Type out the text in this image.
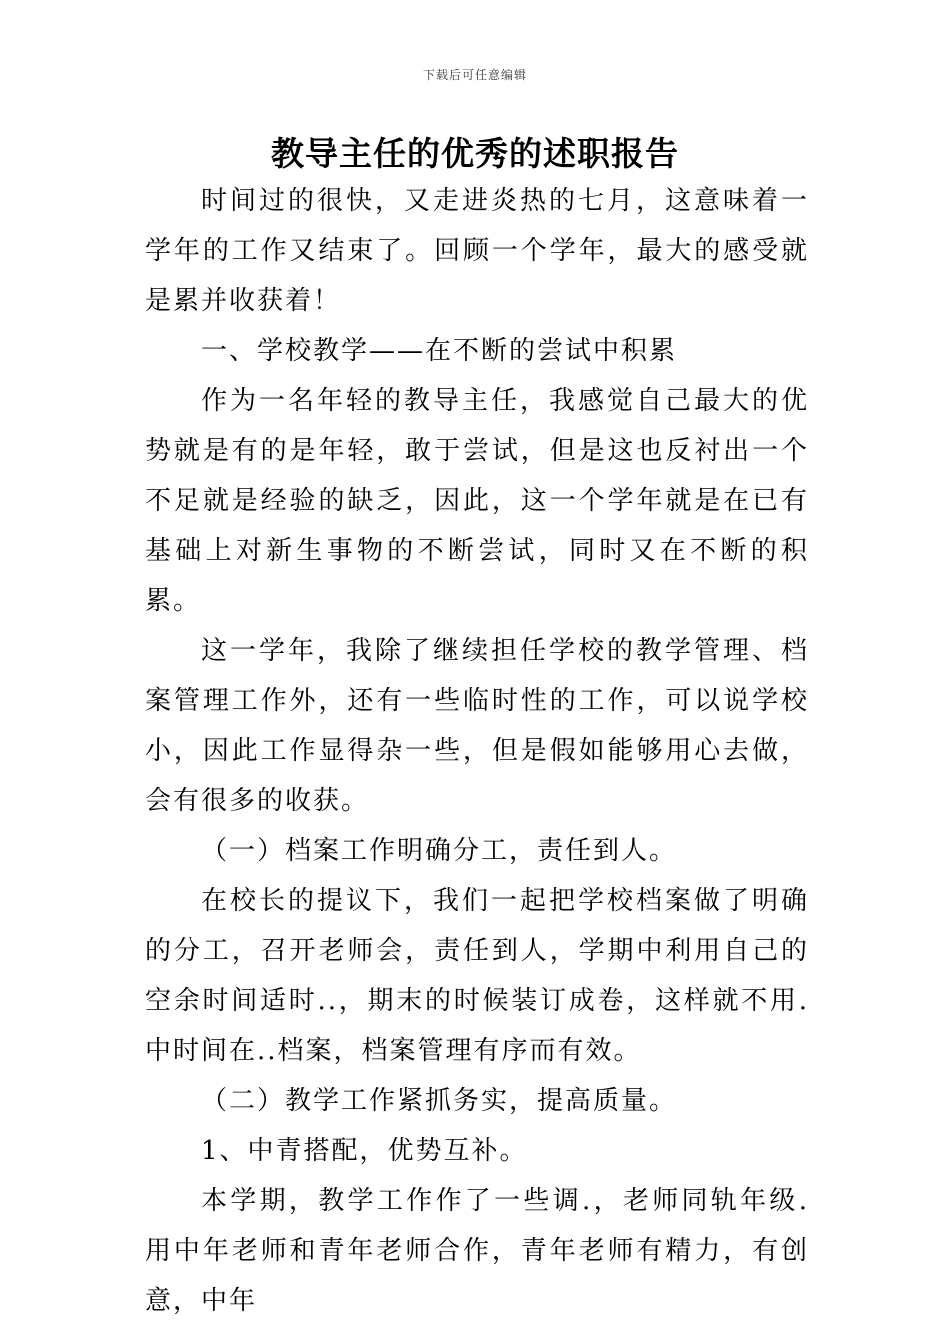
下载后可任意编辑
教导主任的优秀的述职报告

时间过的很快，又走进炎热的七月，这意味着一学年的工作又结束了。回顾一个学年，最大的感受就是累并收获着！

一、学校教学——在不断的尝试中积累

作为一名年轻的教导主任，我感觉自己最大的优势就是有的是年轻，敢于尝试，但是这也反衬出一个不足就是经验的缺乏，因此，这一个学年就是在已有基础上对新生事物的不断尝试，同时又在不断的积累。

这一学年，我除了继续担任学校的教学管理、档案管理工作外，还有一些临时性的工作，可以说学校小，因此工作显得杂一些，但是假如能够用心去做，会有很多的收获。

（一）档案工作明确分工，责任到人。

在校长的提议下，我们一起把学校档案做了明确的分工，召开老师会，责任到人，学期中利用自己的空余时间适时..，期末的时候装订成卷，这样就不用.中时间在..档案，档案管理有序而有效。

（二）教学工作紧抓务实，提高质量。

1、中青搭配，优势互补。

本学期，教学工作作了一些调.，老师同轨年级.用中年老师和青年老师合作，青年老师有精力，有创意，中年
